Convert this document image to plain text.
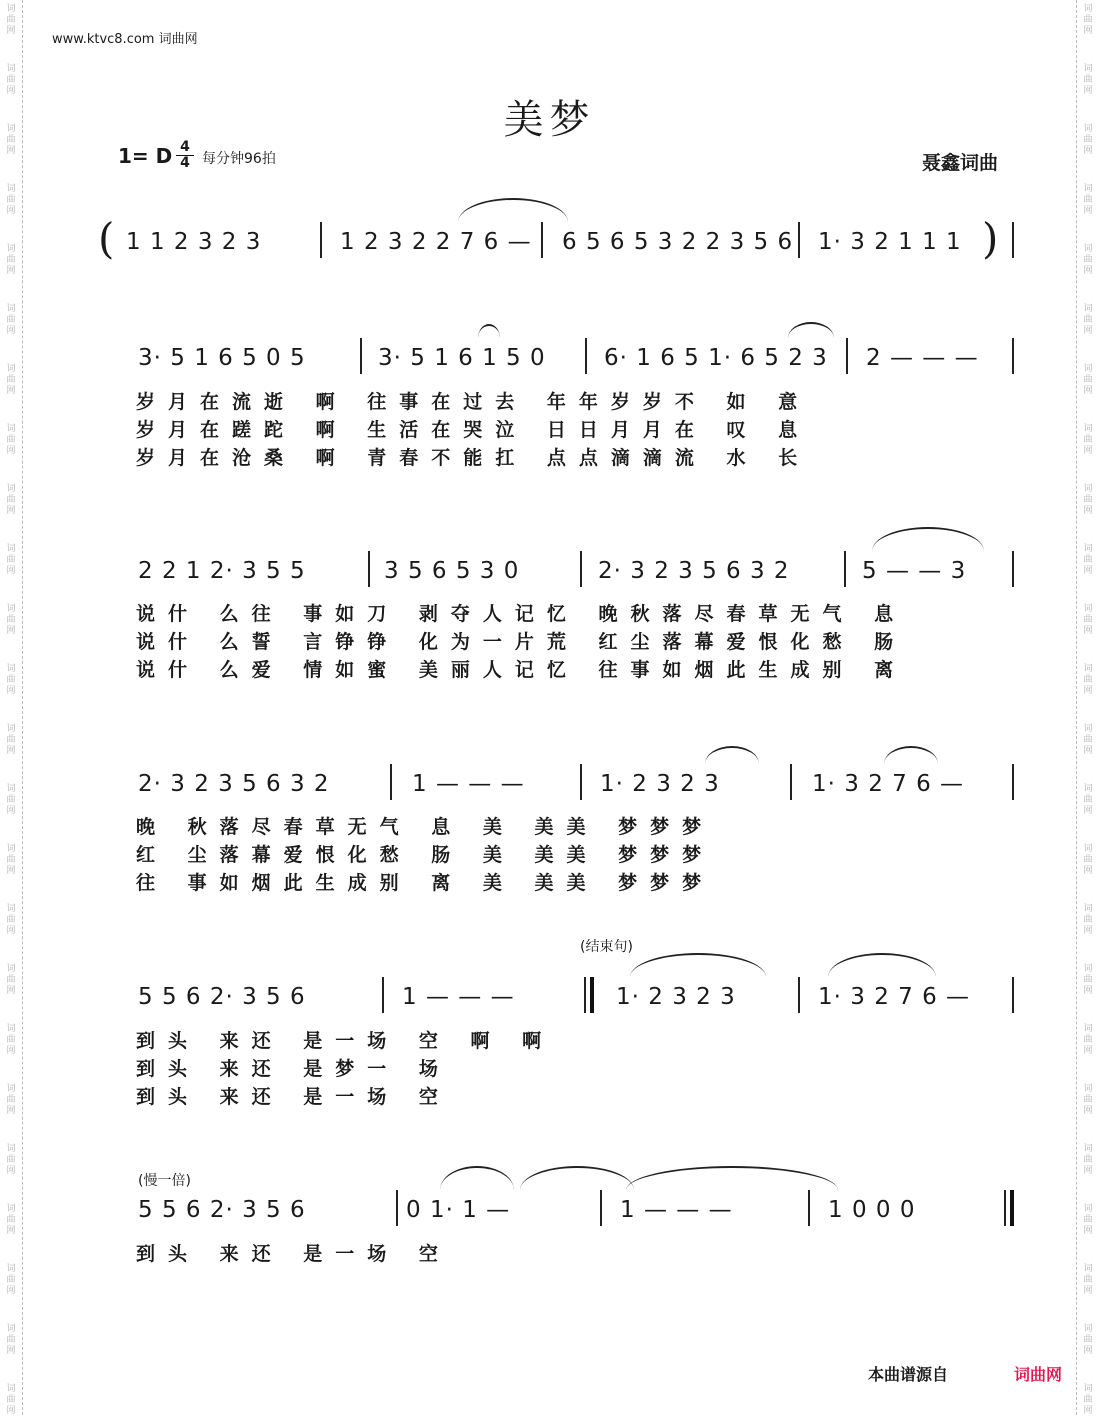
词
曲
网
词
曲
网
词
曲
网
词
曲
网
词
曲
网
词
曲
网
词
曲
网
词
曲
网
词
曲
网
词
曲
网
词
曲
网
词
曲
网
词
曲
网
词
曲
网
词
曲
网
词
曲
网
词
曲
网
词
曲
网
词
曲
网
词
曲
网
词
曲
网
词
曲
网
词
曲
网
词
曲
网
词
曲
网
词
曲
网
词
曲
网
词
曲
网
词
曲
网
词
曲
网
词
曲
网
词
曲
网
词
曲
网
词
曲
网
词
曲
网
词
曲
网
词
曲
网
词
曲
网
词
曲
网
词
曲
网
词
曲
网
词
曲
网
词
曲
网
词
曲
网
词
曲
网
词
曲
网
词
曲
网
词
曲
网
www.ktvc8.com 词曲网
美梦
1= D 4
4 每分钟96拍	聂鑫词曲
( 1 1 2 3 2 3	1 2 3 2 2 7 6 — 6 5 6 5 3 2 2 3 5 6 1· 3 2 1 1 1 )
3· 5 1 6 5 0 5	3· 5 1 6 1 5 0	6· 1 6 5 1· 6 5 2 3 2 — — —
岁月在流逝 啊 往事在过去 年年岁岁不 如 意
岁月在蹉跎 啊 生活在哭泣 日日月月在 叹 息
岁月在沧桑 啊 青春不能扛 点点滴滴流 水 长
2 2 1 2· 3 5 5	3 5 6 5 3 0	2· 3 2 3 5 6 3 2	5 — — 3
说什 么往 事如刀 剥夺人记忆 晚秋落尽春草无气 息
说什 么誓 言铮铮 化为一片荒 红尘落幕爱恨化愁 肠
说什 么爱 情如蜜 美丽人记忆 往事如烟此生成别 离
2· 3 2 3 5 6 3 2	1 — — —	1· 2 3 2 3	1· 3 2 7 6 —
晚 秋落尽春草无气 息 美 美美 梦梦梦
红 尘落幕爱恨化愁 肠 美 美美 梦梦梦
往 事如烟此生成别 离 美 美美 梦梦梦
(结束句)
5 5 6 2· 3 5 6	1 — — —	1· 2 3 2 3	1· 3 2 7 6 —
到头 来还 是一场 空 啊 啊
到头 来还 是梦一 场
到头 来还 是一场 空
(慢一倍)
5 5 6 2· 3 5 6	0 1· 1 —	1 — — —	1 0 0 0
到头 来还 是一场 空
本曲谱源自	词曲网
